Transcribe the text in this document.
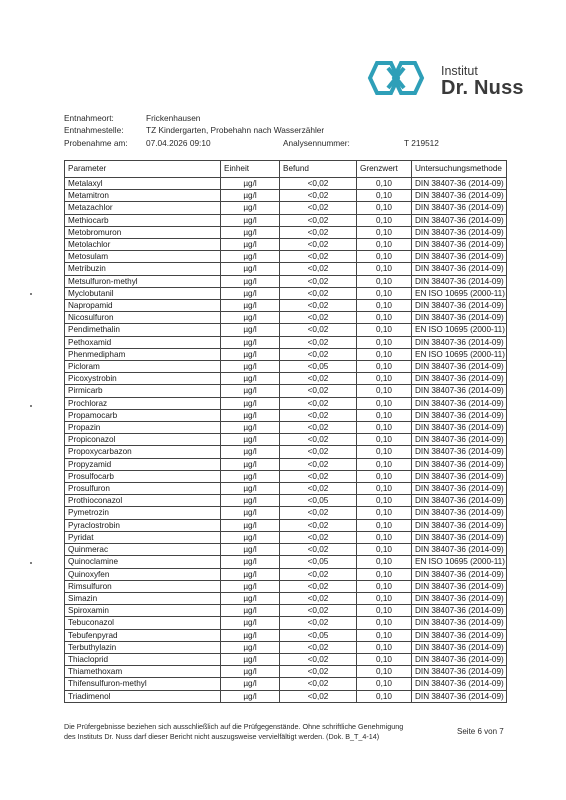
Institut
Dr. Nuss
Entnahmeort:	Frickenhausen
Entnahmestelle:	TZ Kindergarten, Probehahn nach Wasserzähler
Probenahme am: 07.04.2026 09:10	Analysennummer:	T 219512
Parameter	Einheit	Befund	Grenzwert	Untersuchungsmethode
Metalaxyl	µg/l	<0,02	0,10	DIN 38407-36 (2014-09)
Metamitron	µg/l	<0,02	0,10	DIN 38407-36 (2014-09)
Metazachlor	µg/l	<0,02	0,10	DIN 38407-36 (2014-09)
Methiocarb	µg/l	<0,02	0,10	DIN 38407-36 (2014-09)
Metobromuron	µg/l	<0,02	0,10	DIN 38407-36 (2014-09)
Metolachlor	µg/l	<0,02	0,10	DIN 38407-36 (2014-09)
Metosulam	µg/l	<0,02	0,10	DIN 38407-36 (2014-09)
Metribuzin	µg/l	<0,02	0,10	DIN 38407-36 (2014-09)
Metsulfuron-methyl	µg/l	<0,02	0,10	DIN 38407-36 (2014-09)
Myclobutanil	µg/l	<0,02	0,10	EN ISO 10695 (2000-11)
Napropamid	µg/l	<0,02	0,10	DIN 38407-36 (2014-09)
Nicosulfuron	µg/l	<0,02	0,10	DIN 38407-36 (2014-09)
Pendimethalin	µg/l	<0,02	0,10	EN ISO 10695 (2000-11)
Pethoxamid	µg/l	<0,02	0,10	DIN 38407-36 (2014-09)
Phenmedipham	µg/l	<0,02	0,10	EN ISO 10695 (2000-11)
Picloram	µg/l	<0,05	0,10	DIN 38407-36 (2014-09)
Picoxystrobin	µg/l	<0,02	0,10	DIN 38407-36 (2014-09)
Pirmicarb	µg/l	<0,02	0,10	DIN 38407-36 (2014-09)
Prochloraz	µg/l	<0,02	0,10	DIN 38407-36 (2014-09)
Propamocarb	µg/l	<0,02	0,10	DIN 38407-36 (2014-09)
Propazin	µg/l	<0,02	0,10	DIN 38407-36 (2014-09)
Propiconazol	µg/l	<0,02	0,10	DIN 38407-36 (2014-09)
Propoxycarbazon	µg/l	<0,02	0,10	DIN 38407-36 (2014-09)
Propyzamid	µg/l	<0,02	0,10	DIN 38407-36 (2014-09)
Prosulfocarb	µg/l	<0,02	0,10	DIN 38407-36 (2014-09)
Prosulfuron	µg/l	<0,02	0,10	DIN 38407-36 (2014-09)
Prothioconazol	µg/l	<0,05	0,10	DIN 38407-36 (2014-09)
Pymetrozin	µg/l	<0,02	0,10	DIN 38407-36 (2014-09)
Pyraclostrobin	µg/l	<0,02	0,10	DIN 38407-36 (2014-09)
Pyridat	µg/l	<0,02	0,10	DIN 38407-36 (2014-09)
Quinmerac	µg/l	<0,02	0,10	DIN 38407-36 (2014-09)
Quinoclamine	µg/l	<0,05	0,10	EN ISO 10695 (2000-11)
Quinoxyfen	µg/l	<0,02	0,10	DIN 38407-36 (2014-09)
Rimsulfuron	µg/l	<0,02	0,10	DIN 38407-36 (2014-09)
Simazin	µg/l	<0,02	0,10	DIN 38407-36 (2014-09)
Spiroxamin	µg/l	<0,02	0,10	DIN 38407-36 (2014-09)
Tebuconazol	µg/l	<0,02	0,10	DIN 38407-36 (2014-09)
Tebufenpyrad	µg/l	<0,05	0,10	DIN 38407-36 (2014-09)
Terbuthylazin	µg/l	<0,02	0,10	DIN 38407-36 (2014-09)
Thiacloprid	µg/l	<0,02	0,10	DIN 38407-36 (2014-09)
Thiamethoxam	µg/l	<0,02	0,10	DIN 38407-36 (2014-09)
Thifensulfuron-methyl	µg/l	<0,02	0,10	DIN 38407-36 (2014-09)
Triadimenol	µg/l	<0,02	0,10	DIN 38407-36 (2014-09)
Die Prüfergebnisse beziehen sich ausschließlich auf die Prüfgegenstände. Ohne schriftliche Genehmigung
des Instituts Dr. Nuss darf dieser Bericht nicht auszugsweise vervielfältigt werden. (Dok. B_T_4-14)
Seite 6 von 7
